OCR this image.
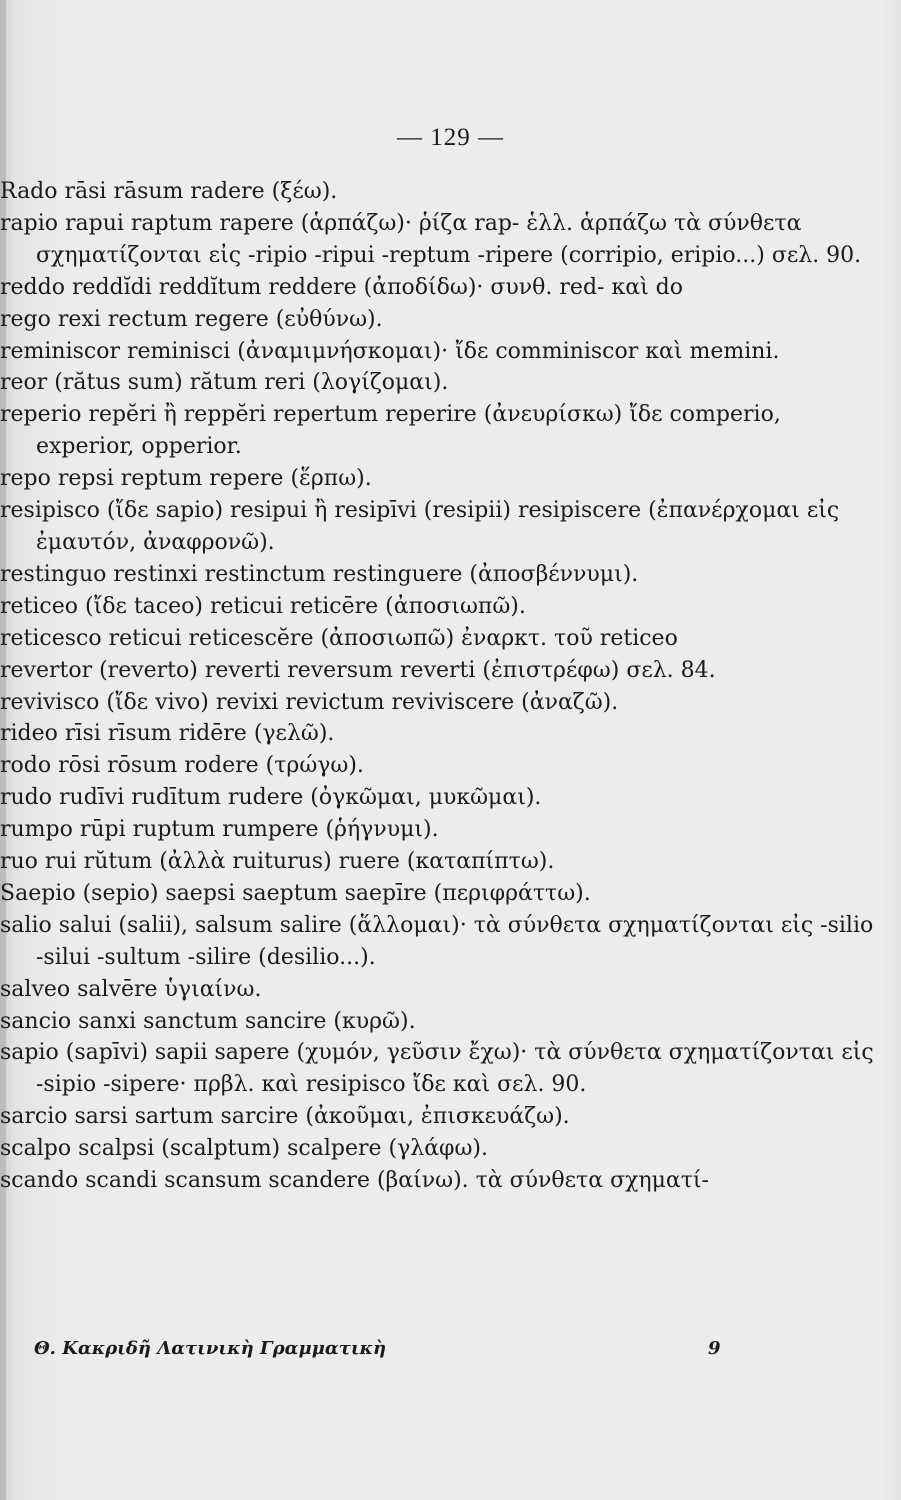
— 129 —

Rado rāsi rāsum radere (ξέω).

rapio rapui raptum rapere (ἁρπάζω)· ῥίζα rap- ἑλλ. ἁρπάζω τὰ σύνθετα σχηματίζονται εἰς -ripio -ripui -reptum -ripere (corripio, eripio...) σελ. 90.

reddo reddĭdi reddĭtum reddere (ἀποδίδω)· συνθ. red- καὶ do

rego rexi rectum regere (εὐθύνω).

reminiscor reminisci (ἀναμιμνήσκομαι)· ἴδε comminiscor καὶ memini.

reor (rătus sum) rătum reri (λογίζομαι).

reperio repĕri ἢ reppĕri repertum reperire (ἀνευρίσκω) ἴδε comperio, experior, opperior.

repo repsi reptum repere (ἕρπω).

resipisco (ἴδε sapio) resipui ἢ resipīvi (resipii) resipiscere (ἐπανέρχομαι εἰς ἐμαυτόν, ἀναφρονῶ).

restinguo restinxi restinctum restinguere (ἀποσβέννυμι).

reticeo (ἴδε taceo) reticui reticēre (ἀποσιωπῶ).

reticesco reticui reticescĕre (ἀποσιωπῶ) ἐναρκτ. τοῦ reticeo

revertor (reverto) reverti reversum reverti (ἐπιστρέφω) σελ. 84.

revivisco (ἴδε vivo) revixi revictum reviviscere (ἀναζῶ).

rideo rīsi rīsum ridēre (γελῶ).

rodo rōsi rōsum rodere (τρώγω).

rudo rudīvi rudītum rudere (ὀγκῶμαι, μυκῶμαι).

rumpo rūpi ruptum rumpere (ῥήγνυμι).

ruo rui rŭtum (ἀλλὰ ruiturus) ruere (καταπίπτω).

Saepio (sepio) saepsi saeptum saepīre (περιφράττω).

salio salui (salii), salsum salire (ἅλλομαι)· τὰ σύνθετα σχηματίζονται εἰς -silio -silui -sultum -silire (desilio...).

salveo salvēre ὑγιαίνω.

sancio sanxi sanctum sancire (κυρῶ).

sapio (sapīvi) sapii sapere (χυμόν, γεῦσιν ἔχω)· τὰ σύνθετα σχηματίζονται εἰς -sipio -sipere· πρβλ. καὶ resipisco ἴδε καὶ σελ. 90.

sarcio sarsi sartum sarcire (ἀκοῦμαι, ἐπισκευάζω).

scalpo scalpsi (scalptum) scalpere (γλάφω).

scando scandi scansum scandere (βαίνω). τὰ σύνθετα σχηματί-

Θ. Κακριδῆ Λατινικὴ Γραμματικὴ	9
